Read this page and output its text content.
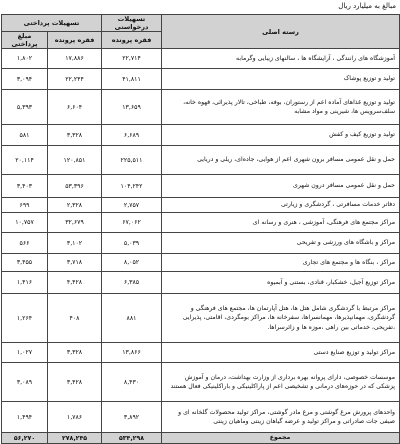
مبالغ به میلیارد ریال
تسهیلات پرداختی		تسهیلات درخواستی	رسته اصلی
مبلغ پرداختی	فقره پرونده	فقره پرونده	
۱,۸۰۲	۱۷,۸۸۶	۲۲,۷۱۴	آموزشگاه های رانندگی ، آرایشگاه ها ، سالنهای زیبایی وگرمابه
۳,۰۹۴	۲۲,۲۴۴	۴۱,۸۱۱	تولید و توزیع پوشاک
۵,۳۹۳	۶,۶۰۴	۱۳,۶۵۹	تولید و توزیع غذاهای آماده اعم از رستوران، بوفه، طباخی، تالار پذیرائی، قهوه خانه، سلف‌سرویس ها، شیرینی و مواد مشابه
۵۸۱	۳,۳۲۸	۶,۶۸۹	تولید و توزیع کیف و کفش
۲۰,۱۱۴	۱۲۰,۸۵۱	۲۲۵,۵۱۱	حمل و نقل عمومی مسافر برون شهری اعم از هوایی، جاده‌ای، ریلی و دریایی
۳,۴۰۳	۵۳,۳۹۶	۱۰۴,۲۴۲	حمل و نقل عمومی مسافر درون شهری
۶۹۹	۲,۳۲۸	۲,۷۵۷	دفاتر خدمات مسافرتی ، گردشگری و زیارتی
۱۰,۷۵۷	۳۲,۶۷۹	۶۷,۰۶۲	مراکز مجتمع های فرهنگی، آموزشی ، هنری و رسانه ای
۵۶۶	۳,۱۰۲	۵,۰۳۹	مراکز و باشگاه های ورزشی و تفریحی
۳,۴۵۵	۳,۷۱۸	۸,۰۵۲	مراکز ، بنگاه ها و مجتمع های تجاری
۱,۴۱۶	۴,۴۲۸	۶,۳۸۵	مراکز توزیع آجیل، خشکبار، قنادی، بستنی و آبمیوه
۱,۲۶۴	۴۰۸	۸۸۱	مراکز مرتبط با گردشگری شامل هتل ها، هتل آپارتمان ها، مجتمع های فرهنگی و گردشگری، مهمانپذیرها، مهمانسراها، سفرخانه ها، مراکز بومگردی، اقامتی، پذیرایی ،تفریحی، خدماتی بین راهی ،موزه ها و زائرسراها.
۱,۰۲۷	۳,۳۲۸	۱۳,۸۶۶	مراکز تولید و توزیع صنایع دستی
۳,۰۸۹	۳,۴۲۸	۸,۴۳۰	موسسات خصوصی، دارای پروانه بهره برداری از وزارت بهداشت، درمان و آموزش پزشکی که در حوزه‌های درمانی و تشخیصی اعم از پاراکلینیکی و باراکلینیکی فعال هستند
۱,۴۹۴	۱,۷۸۶	۳,۸۹۲	واحدهای پرورش مرغ گوشتی و مرغ مادر گوشتی، مراکز تولید محصولات گلخانه ای و صیفی جات صادراتی و مراکز تولید و عرضه گیاهان زینتی وماهیان زینتی
۵۶,۲۷۰	۲۷۸,۲۴۵	۵۳۴,۲۹۸	مجموع
